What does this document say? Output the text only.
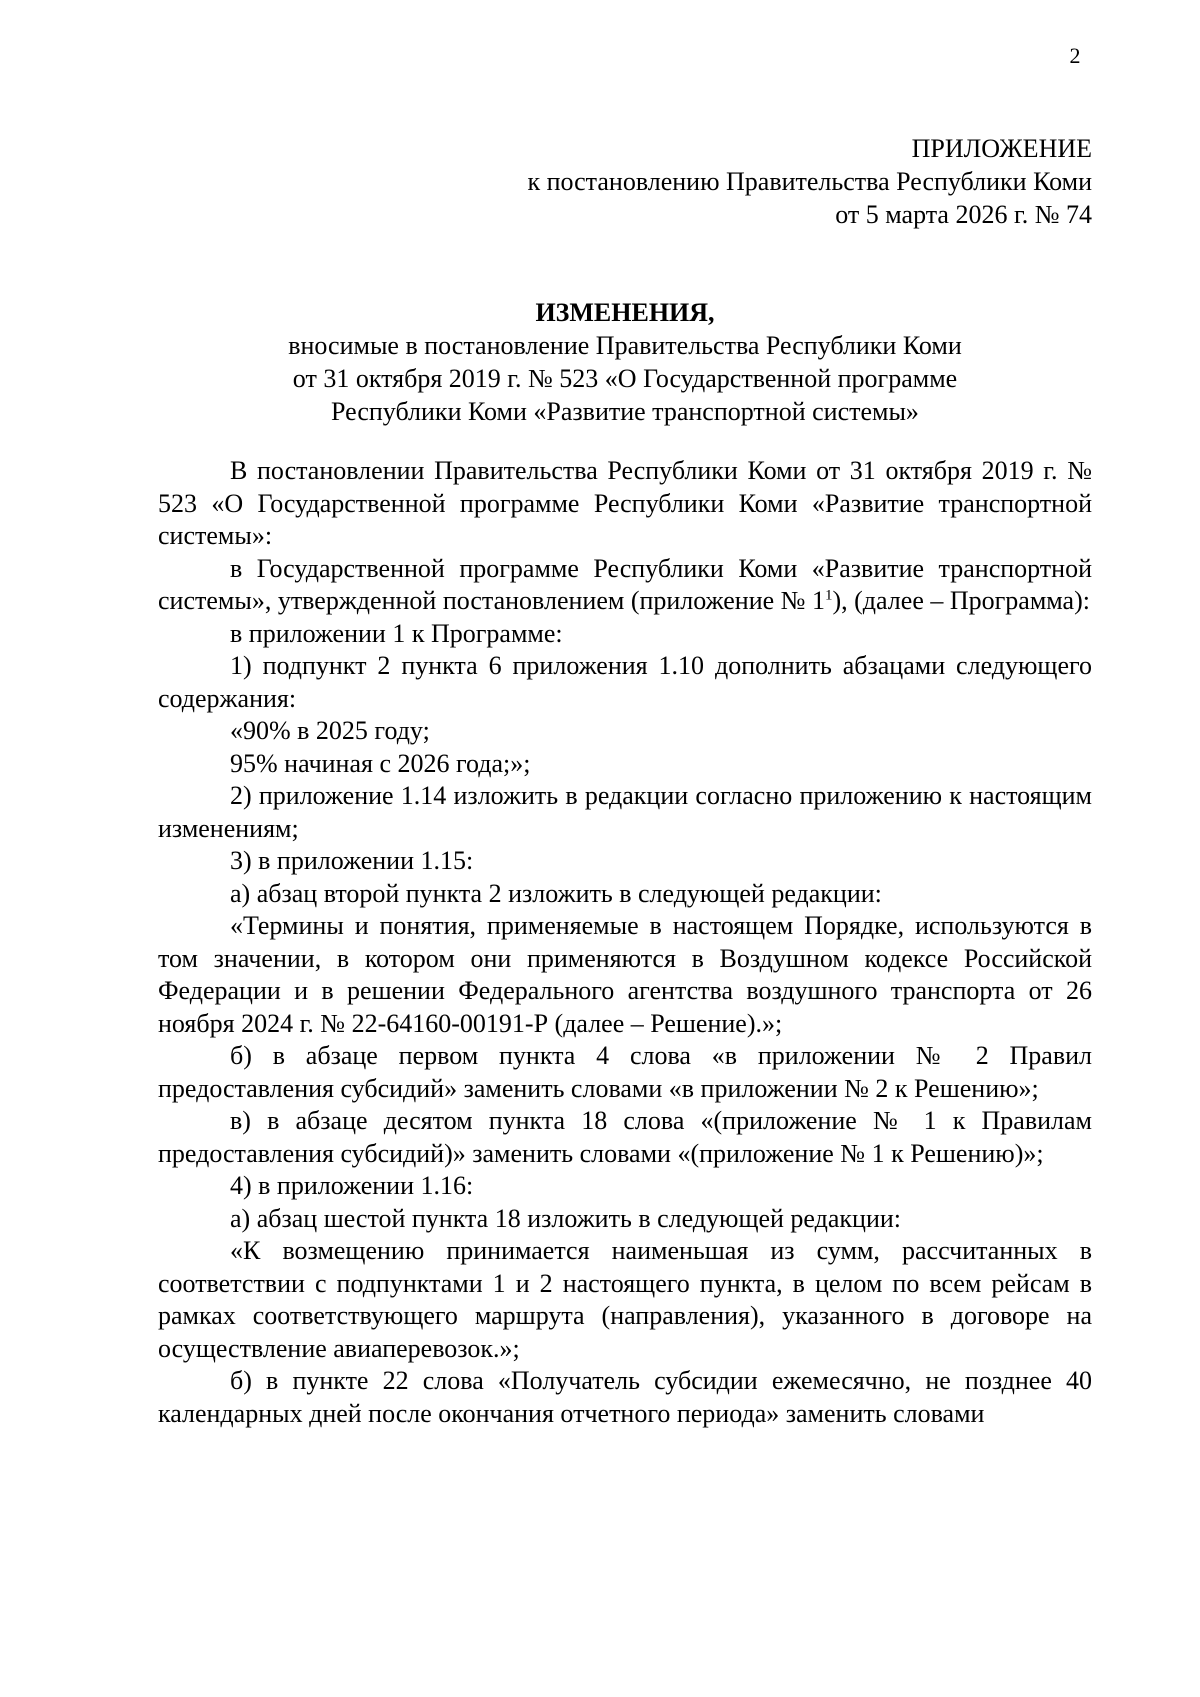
2
ПРИЛОЖЕНИЕ
к постановлению Правительства Республики Коми
от 5 марта 2026 г. № 74
ИЗМЕНЕНИЯ,
вносимые в постановление Правительства Республики Коми
от 31 октября 2019 г. № 523 «О Государственной программе
Республики Коми «Развитие транспортной системы»

В постановлении Правительства Республики Коми от 31 октября 2019 г. № 523 «О Государственной программе Республики Коми «Развитие транспортной системы»:

в Государственной программе Республики Коми «Развитие транспортной системы», утвержденной постановлением (приложение № $1^1$), (далее – Программа):

в приложении 1 к Программе:

1) подпункт 2 пункта 6 приложения 1.10 дополнить абзацами следующего содержания:

«90% в 2025 году;

95% начиная с 2026 года;»;

2) приложение 1.14 изложить в редакции согласно приложению к настоящим изменениям;

3) в приложении 1.15:

а) абзац второй пункта 2 изложить в следующей редакции:

«Термины и понятия, применяемые в настоящем Порядке, используются в том значении, в котором они применяются в Воздушном кодексе Российской Федерации и в решении Федерального агентства воздушного транспорта от 26 ноября 2024 г. № 22-64160-00191-Р (далее – Решение).»;

б) в абзаце первом пункта 4 слова «в приложении № 2 Правил предоставления субсидий» заменить словами «в приложении № 2 к Решению»;

в) в абзаце десятом пункта 18 слова «(приложение № 1 к Правилам предоставления субсидий)» заменить словами «(приложение № 1 к Решению)»;

4) в приложении 1.16:

а) абзац шестой пункта 18 изложить в следующей редакции:

«К возмещению принимается наименьшая из сумм, рассчитанных в соответствии с подпунктами 1 и 2 настоящего пункта, в целом по всем рейсам в рамках соответствующего маршрута (направления), указанного в договоре на осуществление авиаперевозок.»;

б) в пункте 22 слова «Получатель субсидии ежемесячно, не позднее 40 календарных дней после окончания отчетного периода» заменить словами
